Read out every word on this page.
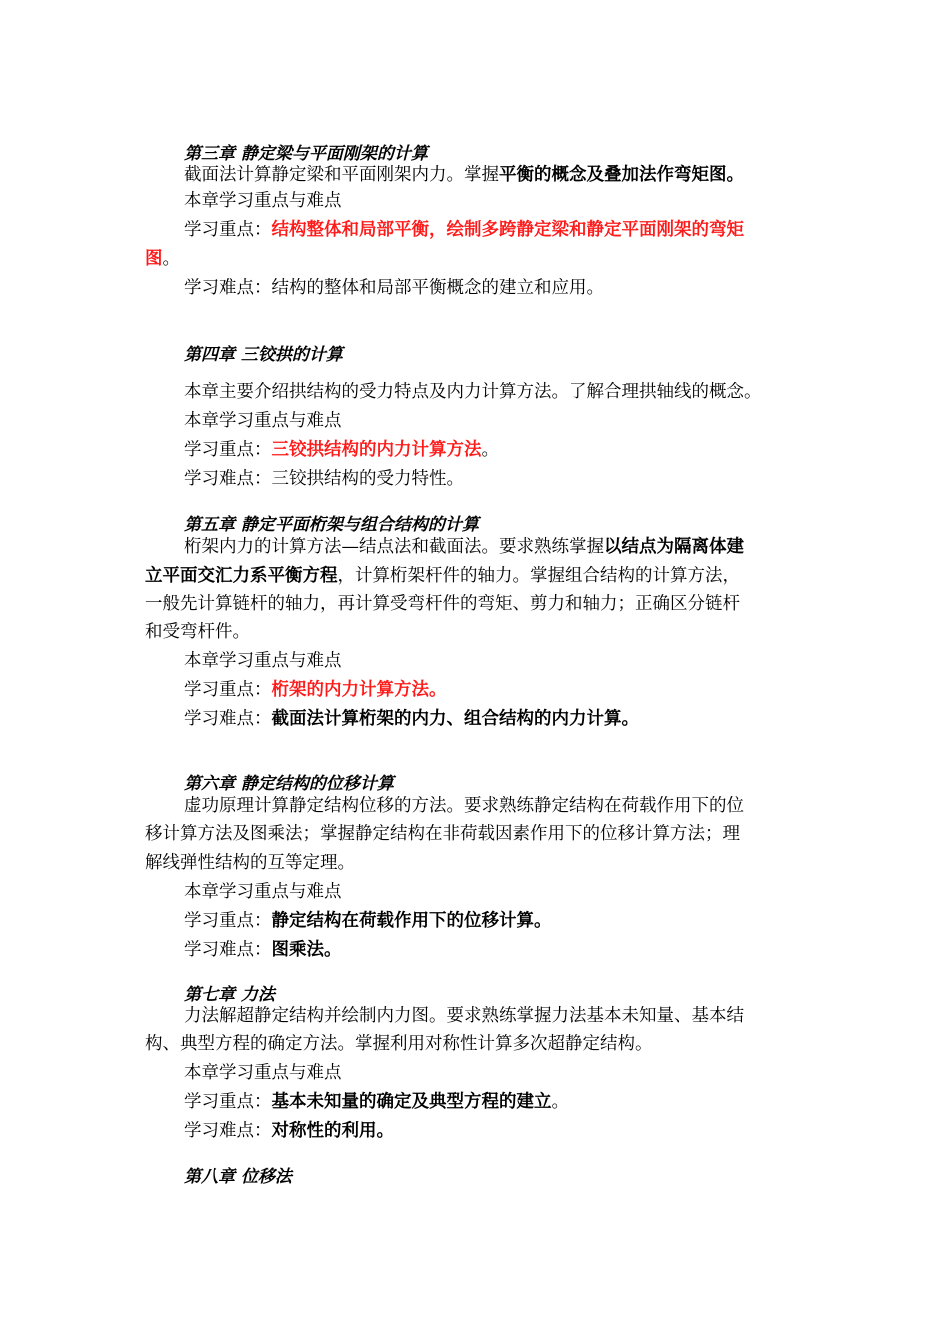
第三章 静定梁与平面刚架的计算
截面法计算静定梁和平面刚架内力。掌握平衡的概念及叠加法作弯矩图。
本章学习重点与难点
学习重点：结构整体和局部平衡，绘制多跨静定梁和静定平面刚架的弯矩
图。
学习难点：结构的整体和局部平衡概念的建立和应用。
第四章 三铰拱的计算
本章主要介绍拱结构的受力特点及内力计算方法。了解合理拱轴线的概念。
本章学习重点与难点
学习重点：三铰拱结构的内力计算方法。
学习难点：三铰拱结构的受力特性。
第五章 静定平面桁架与组合结构的计算
桁架内力的计算方法—结点法和截面法。要求熟练掌握以结点为隔离体建
立平面交汇力系平衡方程，计算桁架杆件的轴力。掌握组合结构的计算方法，
一般先计算链杆的轴力，再计算受弯杆件的弯矩、剪力和轴力；正确区分链杆
和受弯杆件。
本章学习重点与难点
学习重点：桁架的内力计算方法。
学习难点：截面法计算桁架的内力、组合结构的内力计算。
第六章 静定结构的位移计算
虚功原理计算静定结构位移的方法。要求熟练静定结构在荷载作用下的位
移计算方法及图乘法；掌握静定结构在非荷载因素作用下的位移计算方法；理
解线弹性结构的互等定理。
本章学习重点与难点
学习重点：静定结构在荷载作用下的位移计算。
学习难点：图乘法。
第七章 力法
力法解超静定结构并绘制内力图。要求熟练掌握力法基本未知量、基本结
构、典型方程的确定方法。掌握利用对称性计算多次超静定结构。
本章学习重点与难点
学习重点：基本未知量的确定及典型方程的建立。
学习难点：对称性的利用。
第八章 位移法
